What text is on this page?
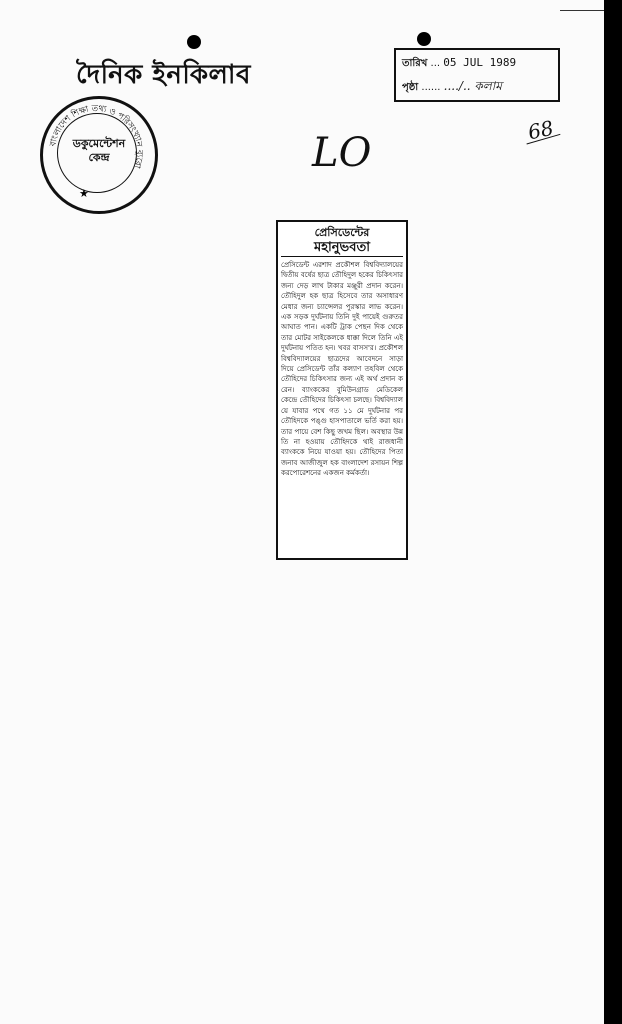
দৈনিক ইনকিলাব	তারিখ ... 05 JUL 1989
পৃষ্ঠা ...... ..../.. কলাম
বাংলাদেশ শিক্ষা তথ্য ও পরিসংখ্যান ব্যুরো
ডকুমেন্টেশন
কেন্দ্র
★
LO	68
প্রেসিডেন্টের
মহানুভবতা
প্রেসিডেন্ট এরশাদ প্রকৌশল বিশ্ববিদ্যালয়ের দ্বিতীয় বর্ষের ছাত্র তৌহিদুল হকের চিকিৎসার জন্য দেড় লাখ টাকার মঞ্জুরী প্রদান করেন। তৌহিদুল হক ছাত্র হিসেবে তার অসাধারণ মেধার জন্য চ্যান্সেলর পুরস্কার লাভ করেন। এক সড়ক দুর্ঘটনায় তিনি দুই পায়েই গুরুতর আঘাত পান। একটি ট্রাক পেছন দিক থেকে তার মোটর সাইকেলকে ধাক্কা দিলে তিনি এই দুর্ঘটনায় পতিত হন। খবর বাসস'র। প্রকৌশল বিশ্ববিদ্যালয়ের ছাত্রদের আবেদনে সাড়া দিয়ে প্রেসিডেন্ট তাঁর কল্যাণ তহবিল থেকে তৌহিদের চিকিৎসার জন্য এই অর্থ প্রদান করেন। ব্যাংককের বুমিউনগ্রাড মেডিকেল কেন্দ্রে তৌহিদের চিকিৎসা চলছে। বিশ্ববিদ্যালয়ে যাবার পথে গত ১১ মে দুর্ঘটনার পর তৌহিদকে পঙ্গু হাসপাতালে ভর্তি করা হয়। তার পায়ে বেশ কিছু জখম ছিল। অবস্থার উন্নতি না হওয়ায় তৌহিদকে থাই রাজধানী ব্যাংককে নিয়ে যাওয়া হয়। তৌহিদের পিতা জনাব আজীজুল হক বাংলাদেশ রসায়ন শিল্প করপোরেশনের একজন কর্মকর্তা।
